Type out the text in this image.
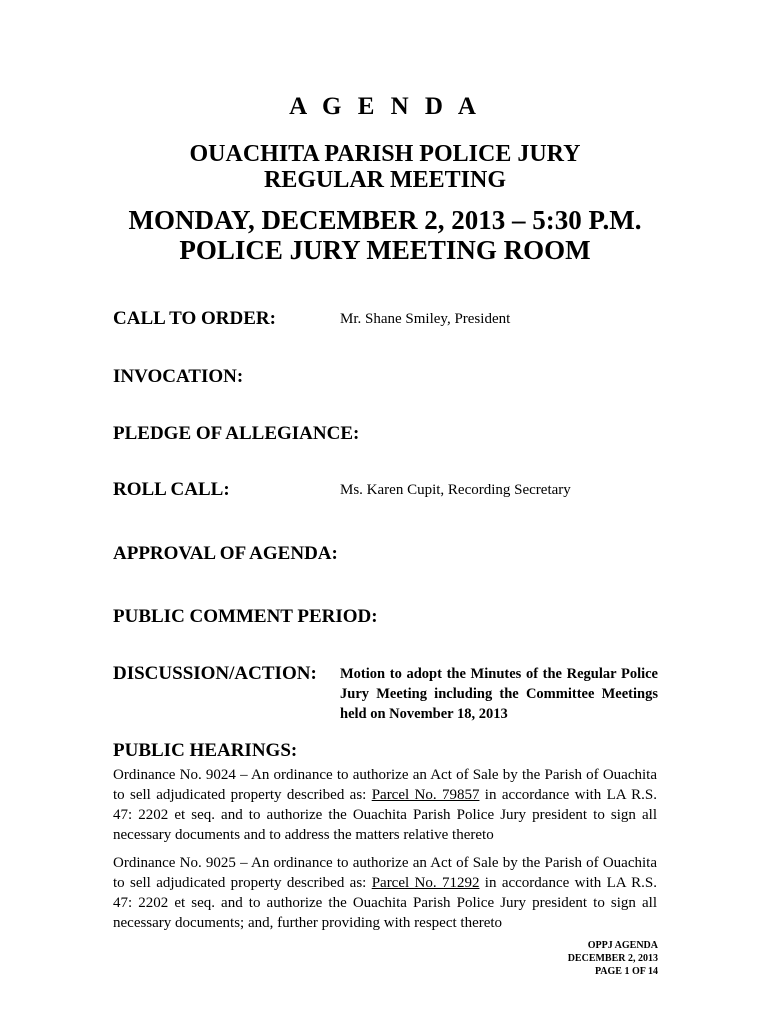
A G E N D A
OUACHITA PARISH POLICE JURY
REGULAR MEETING
MONDAY, DECEMBER 2, 2013 – 5:30 P.M.
POLICE JURY MEETING ROOM
CALL TO ORDER:	Mr. Shane Smiley, President
INVOCATION:
PLEDGE OF ALLEGIANCE:
ROLL CALL:	Ms. Karen Cupit, Recording Secretary
APPROVAL OF AGENDA:
PUBLIC COMMENT PERIOD:
DISCUSSION/ACTION: Motion to adopt the Minutes of the Regular Police Jury Meeting including the Committee Meetings held on November 18, 2013
PUBLIC HEARINGS:
Ordinance No. 9024 – An ordinance to authorize an Act of Sale by the Parish of Ouachita to sell adjudicated property described as: Parcel No. 79857 in accordance with LA R.S. 47: 2202 et seq. and to authorize the Ouachita Parish Police Jury president to sign all necessary documents and to address the matters relative thereto
Ordinance No. 9025 – An ordinance to authorize an Act of Sale by the Parish of Ouachita to sell adjudicated property described as: Parcel No. 71292 in accordance with LA R.S. 47: 2202 et seq. and to authorize the Ouachita Parish Police Jury president to sign all necessary documents; and, further providing with respect thereto
OPPJ AGENDA
DECEMBER 2, 2013
PAGE 1 OF 14
